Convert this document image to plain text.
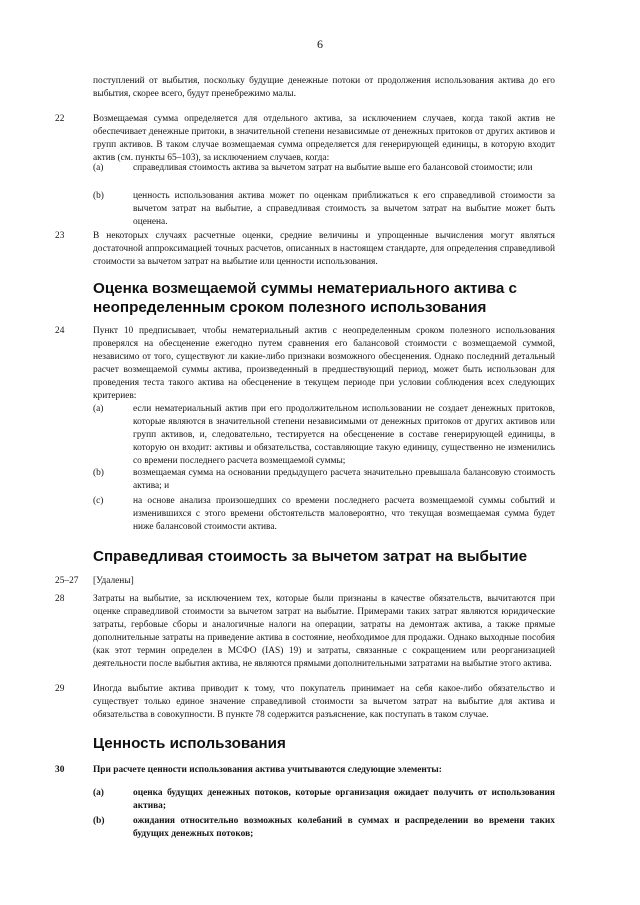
6
поступлений от выбытия, поскольку будущие денежные потоки от продолжения использования актива до его выбытия, скорее всего, будут пренебрежимо малы.
22	Возмещаемая сумма определяется для отдельного актива, за исключением случаев, когда такой актив не обеспечивает денежные притоки, в значительной степени независимые от денежных притоков от других активов и групп активов. В таком случае возмещаемая сумма определяется для генерирующей единицы, в которую входит актив (см. пункты 65–103), за исключением случаев, когда:
(а)	справедливая стоимость актива за вычетом затрат на выбытие выше его балансовой стоимости; или
(b)	ценность использования актива может по оценкам приближаться к его справедливой стоимости за вычетом затрат на выбытие, а справедливая стоимость за вычетом затрат на выбытие может быть оценена.
23	В некоторых случаях расчетные оценки, средние величины и упрощенные вычисления могут являться достаточной аппроксимацией точных расчетов, описанных в настоящем стандарте, для определения справедливой стоимости за вычетом затрат на выбытие или ценности использования.
Оценка возмещаемой суммы нематериального актива с неопределенным сроком полезного использования
24	Пункт 10 предписывает, чтобы нематериальный актив с неопределенным сроком полезного использования проверялся на обесценение ежегодно путем сравнения его балансовой стоимости с возмещаемой суммой, независимо от того, существуют ли какие-либо признаки возможного обесценения. Однако последний детальный расчет возмещаемой суммы актива, произведенный в предшествующий период, может быть использован для проведения теста такого актива на обесценение в текущем периоде при условии соблюдения всех следующих критериев:
(а)	если нематериальный актив при его продолжительном использовании не создает денежных притоков, которые являются в значительной степени независимыми от денежных притоков от других активов или групп активов, и, следовательно, тестируется на обесценение в составе генерирующей единицы, в которую он входит: активы и обязательства, составляющие такую единицу, существенно не изменились со времени последнего расчета возмещаемой суммы;
(b)	возмещаемая сумма на основании предыдущего расчета значительно превышала балансовую стоимость актива; и
(с)	на основе анализа произошедших со времени последнего расчета возмещаемой суммы событий и изменившихся с этого времени обстоятельств маловероятно, что текущая возмещаемая сумма будет ниже балансовой стоимости актива.
Справедливая стоимость за вычетом затрат на выбытие
25–27 [Удалены]
28	Затраты на выбытие, за исключением тех, которые были признаны в качестве обязательств, вычитаются при оценке справедливой стоимости за вычетом затрат на выбытие. Примерами таких затрат являются юридические затраты, гербовые сборы и аналогичные налоги на операции, затраты на демонтаж актива, а также прямые дополнительные затраты на приведение актива в состояние, необходимое для продажи. Однако выходные пособия (как этот термин определен в МСФО (IAS) 19) и затраты, связанные с сокращением или реорганизацией деятельности после выбытия актива, не являются прямыми дополнительными затратами на выбытие этого актива.
29	Иногда выбытие актива приводит к тому, что покупатель принимает на себя какое-либо обязательство и существует только единое значение справедливой стоимости за вычетом затрат на выбытие для актива и обязательства в совокупности. В пункте 78 содержится разъяснение, как поступать в таком случае.
Ценность использования
30	При расчете ценности использования актива учитываются следующие элементы:
(а)	оценка будущих денежных потоков, которые организация ожидает получить от использования актива;
(b)	ожидания относительно возможных колебаний в суммах и распределении во времени таких будущих денежных потоков;
